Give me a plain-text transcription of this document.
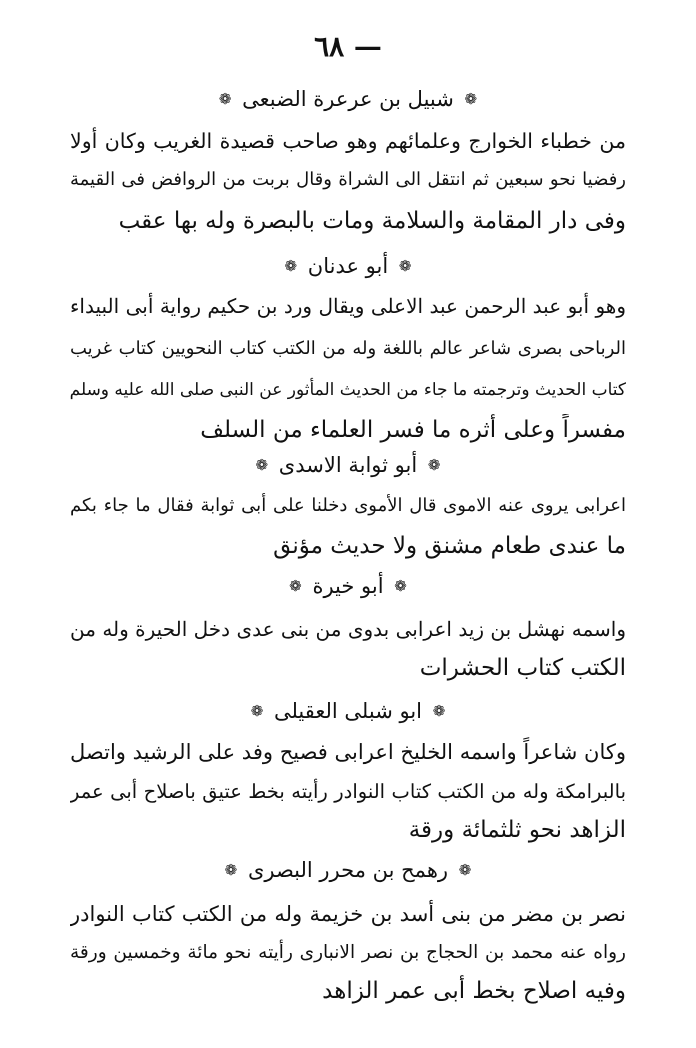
— ٦٨
❁ شبيل بن عرعرة الضبعى ❁

من خطباء الخوارج وعلمائهم وهو صاحب قصيدة الغريب وكان أولا

رفضيا نحو سبعين ثم انتقل الى الشراة وقال بربت من الروافض فى القيمة

وفى دار المقامة والسلامة ومات بالبصرة وله بها عقب

❁ أبو عدنان ❁

وهو أبو عبد الرحمن عبد الاعلى ويقال ورد بن حكيم رواية أبى البيداء

الرباحى بصرى شاعر عالم باللغة وله من الكتب كتاب النحويين كتاب غريب

كتاب الحديث وترجمته ما جاء من الحديث المأثور عن النبى صلى الله عليه وسلم

مفسراً وعلى أثره ما فسر العلماء من السلف

❁ أبو ثوابة الاسدى ❁

اعرابى يروى عنه الاموى قال الأموى دخلنا على أبى ثوابة فقال ما جاء بكم

ما عندى طعام مشنق ولا حديث مؤنق

❁ أبو خيرة ❁

واسمه نهشل بن زيد اعرابى بدوى من بنى عدى دخل الحيرة وله من

الكتب كتاب الحشرات

❁ ابو شبلى العقيلى ❁

وكان شاعراً واسمه الخليخ اعرابى فصيح وفد على الرشيد واتصل

بالبرامكة وله من الكتب كتاب النوادر رأيته بخط عتيق باصلاح أبى عمر

الزاهد نحو ثلثمائة ورقة

❁ رهمح بن محرر البصرى ❁

نصر بن مضر من بنى أسد بن خزيمة وله من الكتب كتاب النوادر

رواه عنه محمد بن الحجاج بن نصر الانبارى رأيته نحو مائة وخمسين ورقة

وفيه اصلاح بخط أبى عمر الزاهد
